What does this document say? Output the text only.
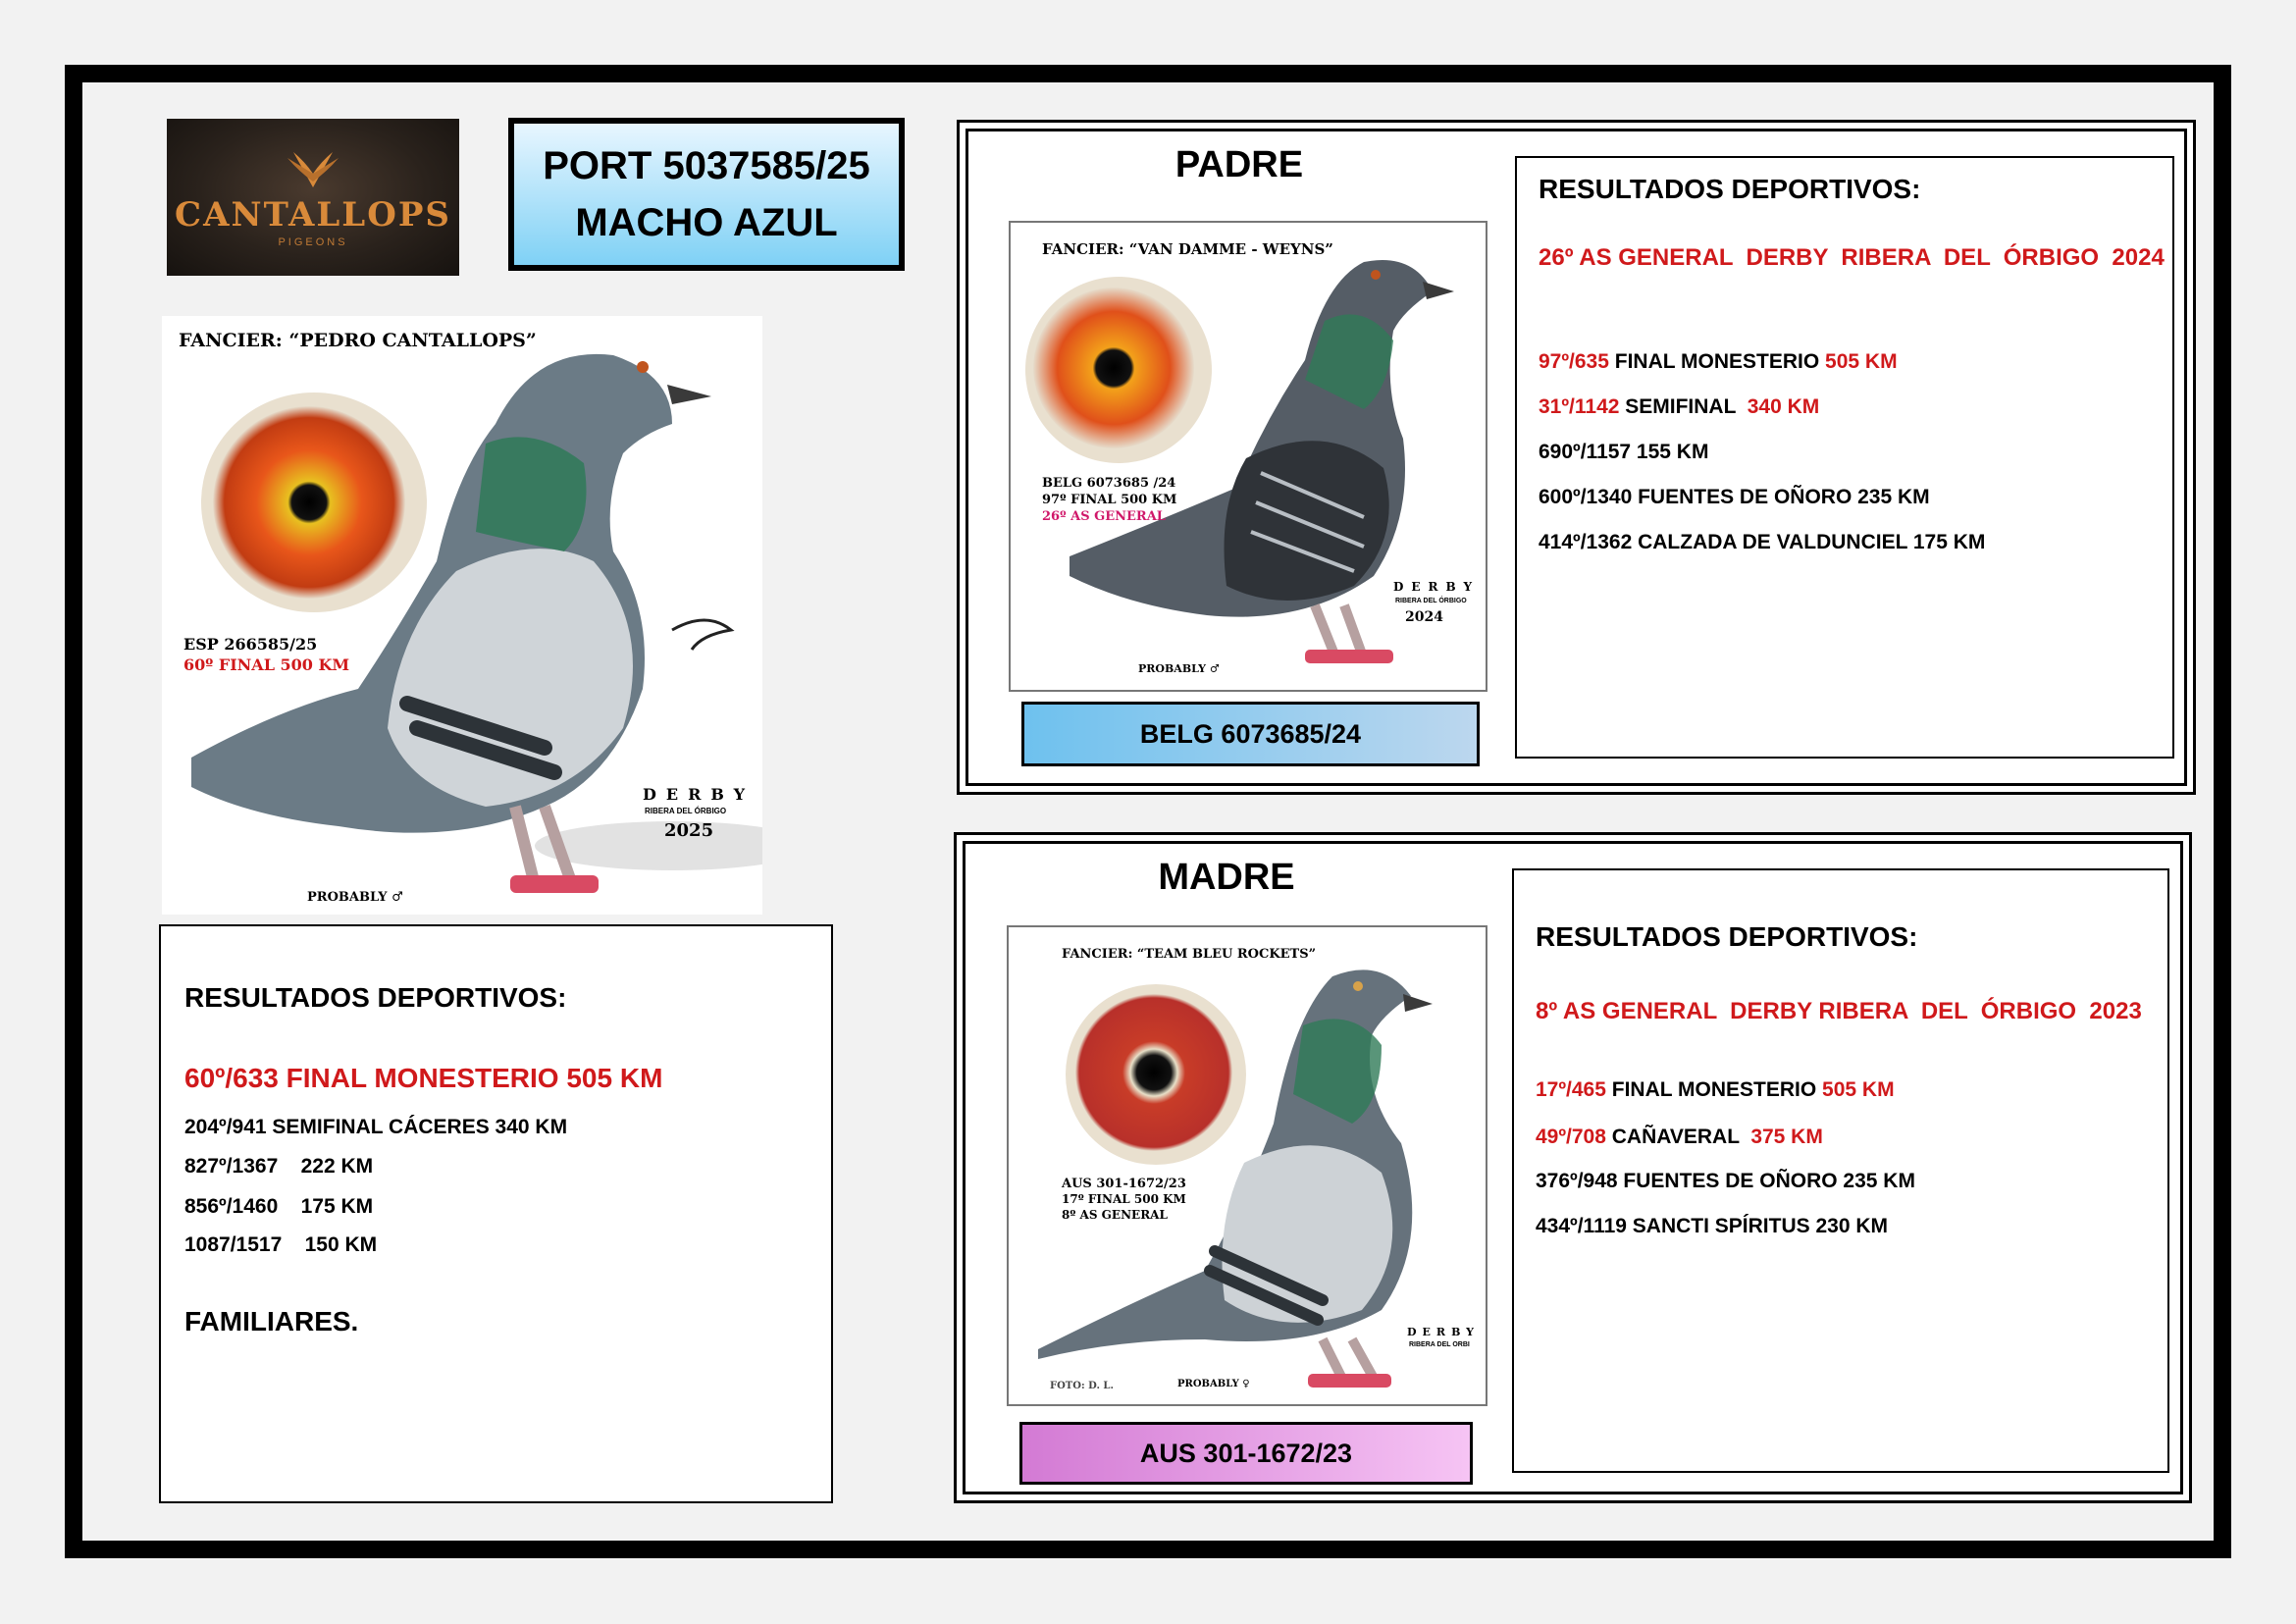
CANTALLOPS
PIGEONS
PORT 5037585/25
MACHO AZUL
FANCIER: “PEDRO CANTALLOPS”
ESP 266585/25
60º FINAL 500 KM
DERBY
RIBERA DEL ÓRBIGO
2025
PROBABLY ♂
RESULTADOS DEPORTIVOS:
60º/633 FINAL MONESTERIO 505 KM
204º/941 SEMIFINAL CÁCERES 340 KM
827º/1367    222 KM
856º/1460    175 KM
1087/1517    150 KM
FAMILIARES.
PADRE
FANCIER: “VAN DAMME - WEYNS”
BELG 6073685 /24
97º FINAL 500 KM
26º AS GENERAL
DERBY
RIBERA DEL ÓRBIGO
2024
PROBABLY ♂
BELG 6073685/24
RESULTADOS DEPORTIVOS:
26º AS GENERAL  DERBY  RIBERA  DEL  ÓRBIGO  2024
97º/635 FINAL MONESTERIO 505 KM
31º/1142 SEMIFINAL  340 KM
690º/1157 155 KM
600º/1340 FUENTES DE OÑORO 235 KM
414º/1362 CALZADA DE VALDUNCIEL 175 KM
MADRE
FANCIER: “TEAM BLEU ROCKETS”
AUS 301-1672/23
17º FINAL 500 KM
8º AS GENERAL
DERBY
RIBERA DEL ORBI
FOTO: D. L.	PROBABLY ♀
AUS 301-1672/23
RESULTADOS DEPORTIVOS:
8º AS GENERAL  DERBY RIBERA  DEL  ÓRBIGO  2023
17º/465 FINAL MONESTERIO 505 KM
49º/708 CAÑAVERAL  375 KM
376º/948 FUENTES DE OÑORO 235 KM
434º/1119 SANCTI SPÍRITUS 230 KM
